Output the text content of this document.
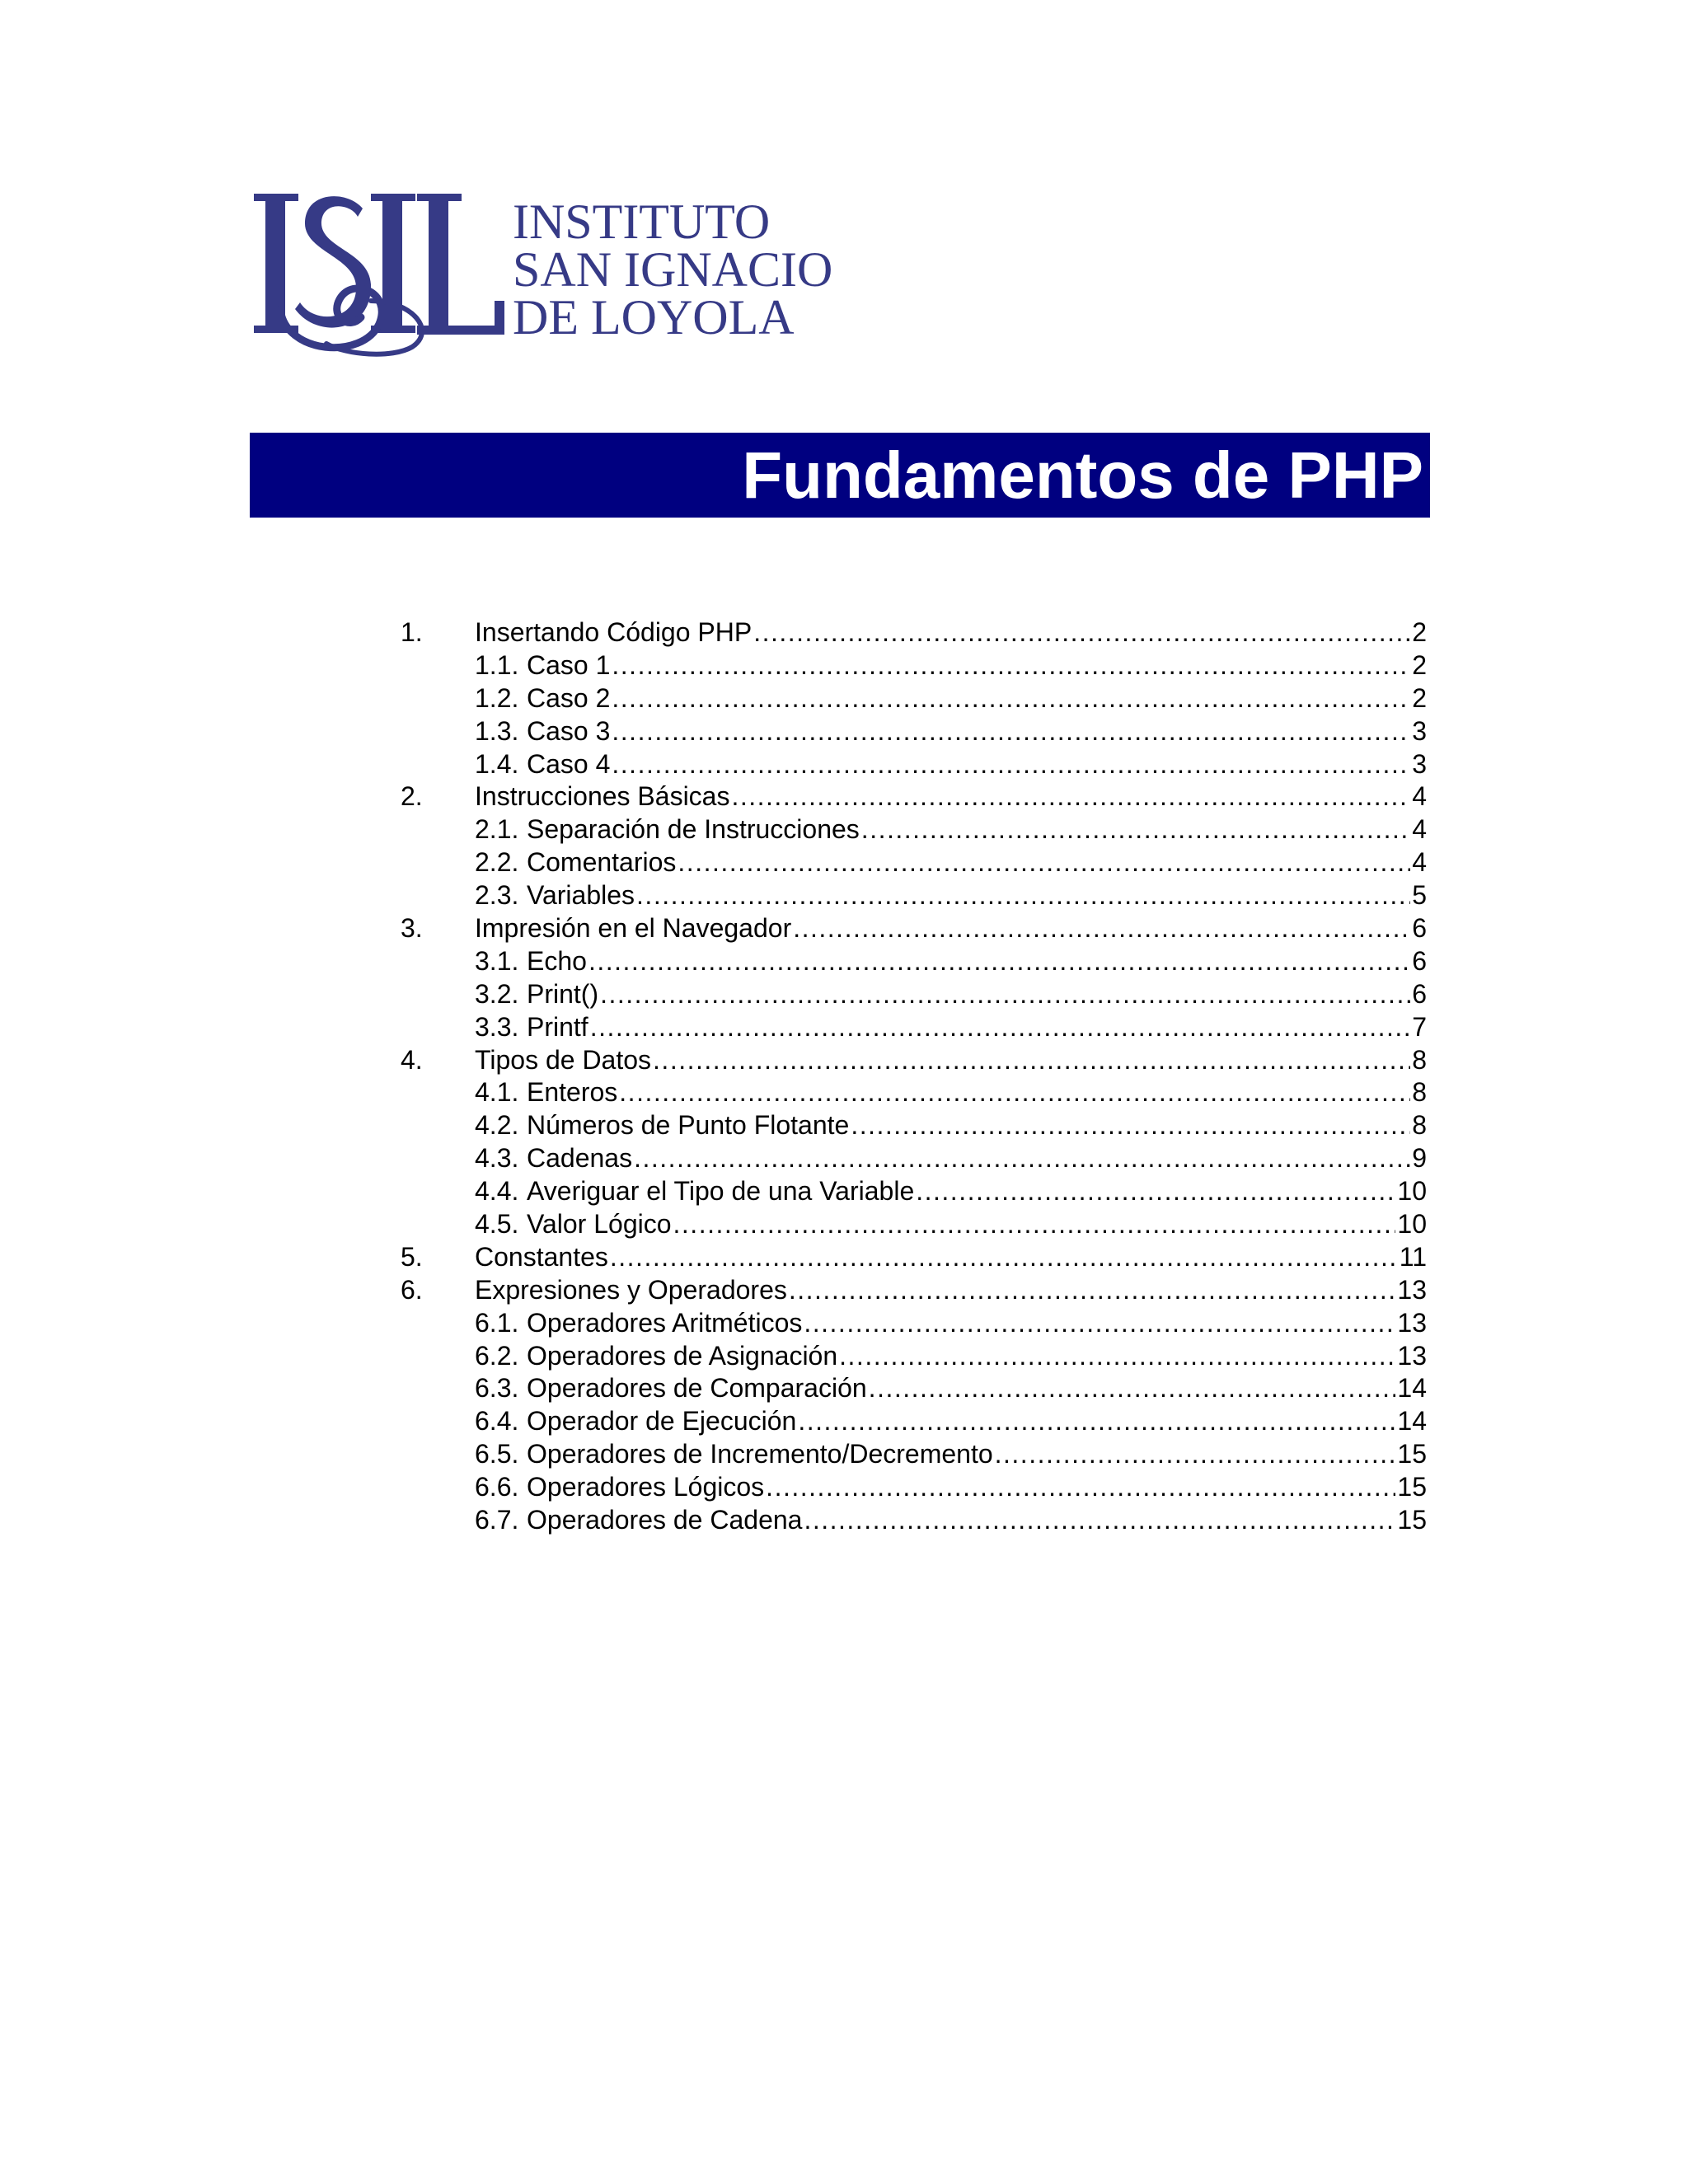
INSTITUTO
SAN IGNACIO
DE LOYOLA
Fundamentos de PHP
1.	Insertando Código PHP .....	2
1.1. Caso 1 .....	2
1.2. Caso 2 .....	2
1.3. Caso 3 .....	3
1.4. Caso 4 .....	3
2.	Instrucciones Básicas .....	4
2.1. Separación de Instrucciones .....	4
2.2. Comentarios .....	4
2.3. Variables .....	5
3.	Impresión en el Navegador .....	6
3.1. Echo .....	6
3.2. Print() .....	6
3.3. Printf .....	7
4.	Tipos de Datos .....	8
4.1. Enteros .....	8
4.2. Números de Punto Flotante .....	8
4.3. Cadenas .....	9
4.4. Averiguar el Tipo de una Variable .....	10
4.5. Valor Lógico .....	10
5.	Constantes .....	11
6.	Expresiones y Operadores .....	13
6.1. Operadores Aritméticos .....	13
6.2. Operadores de Asignación .....	13
6.3. Operadores de Comparación .....	14
6.4. Operador de Ejecución .....	14
6.5. Operadores de Incremento/Decremento .....	15
6.6. Operadores Lógicos .....	15
6.7. Operadores de Cadena .....	15
